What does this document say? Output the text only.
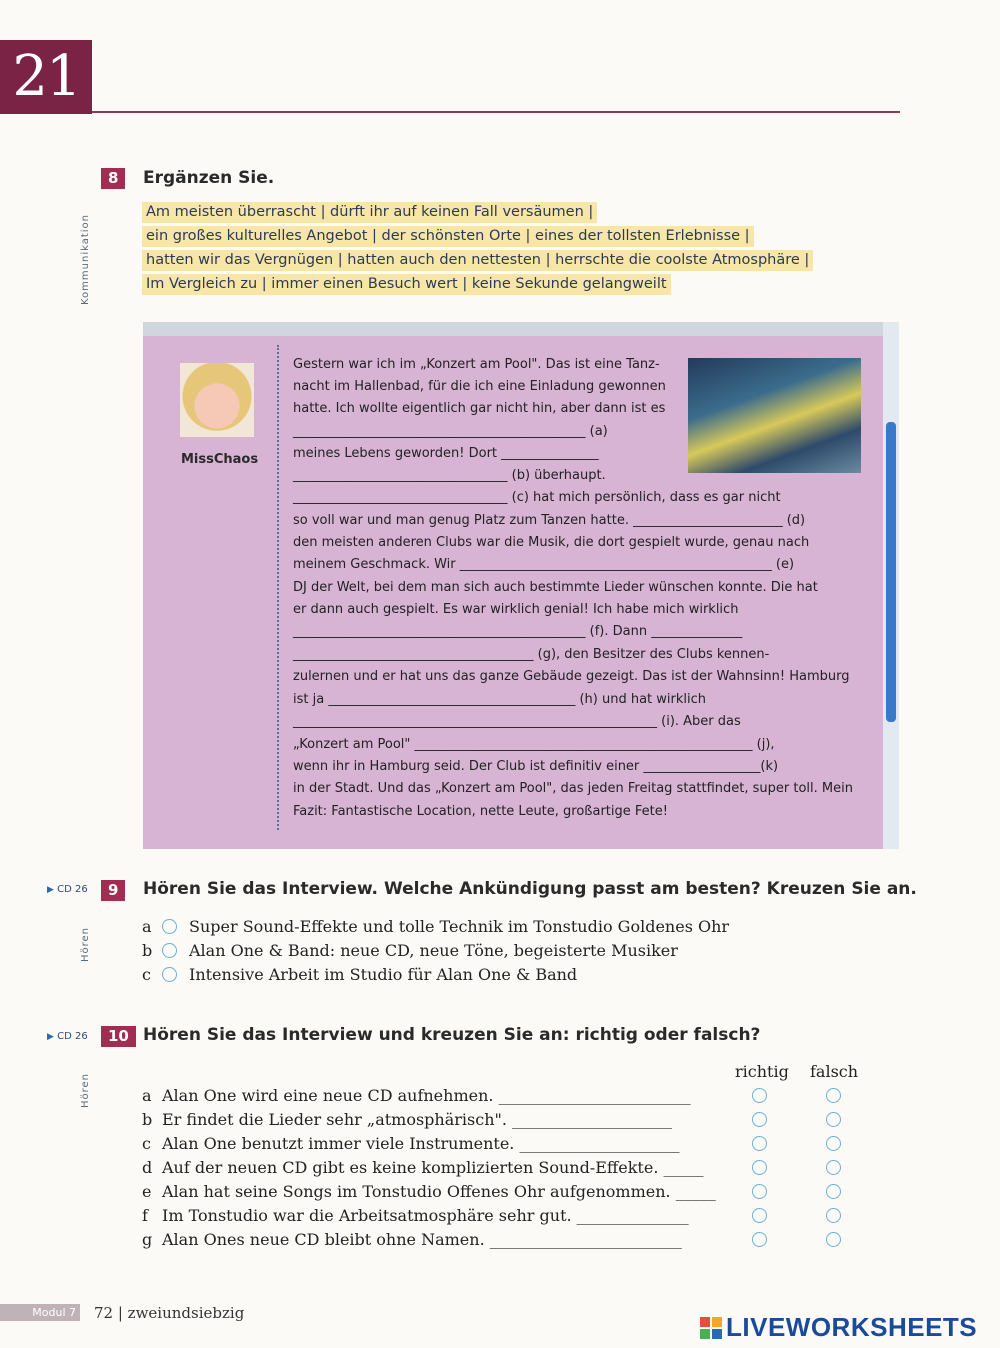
21
Kommunikation
8	Ergänzen Sie.
Am meisten überrascht | dürft ihr auf keinen Fall versäumen |
ein großes kulturelles Angebot | der schönsten Orte | eines der tollsten Erlebnisse |
hatten wir das Vergnügen | hatten auch den nettesten | herrschte die coolste Atmosphäre |
Im Vergleich zu | immer einen Besuch wert | keine Sekunde gelangweilt
MissChaos
Gestern war ich im „Konzert am Pool". Das ist eine Tanz-
nacht im Hallenbad, für die ich eine Einladung gewonnen
hatte. Ich wollte eigentlich gar nicht hin, aber dann ist es
_____________________________________________ (a)
meines Lebens geworden! Dort _______________
_________________________________ (b) überhaupt.
_________________________________ (c) hat mich persönlich, dass es gar nicht
so voll war und man genug Platz zum Tanzen hatte. _______________________ (d)
den meisten anderen Clubs war die Musik, die dort gespielt wurde, genau nach
meinem Geschmack. Wir ________________________________________________ (e)
DJ der Welt, bei dem man sich auch bestimmte Lieder wünschen konnte. Die hat
er dann auch gespielt. Es war wirklich genial! Ich habe mich wirklich
_____________________________________________ (f). Dann ______________
_____________________________________ (g), den Besitzer des Clubs kennen-
zulernen und er hat uns das ganze Gebäude gezeigt. Das ist der Wahnsinn! Hamburg
ist ja ______________________________________ (h) und hat wirklich
________________________________________________________ (i). Aber das
„Konzert am Pool" ____________________________________________________ (j),
wenn ihr in Hamburg seid. Der Club ist definitiv einer __________________(k)
in der Stadt. Und das „Konzert am Pool", das jeden Freitag stattfindet, super toll. Mein
Fazit: Fantastische Location, nette Leute, großartige Fete!
▶ CD 26	9	Hören Sie das Interview. Welche Ankündigung passt am besten? Kreuzen Sie an.
Hören
a Super Sound-Effekte und tolle Technik im Tonstudio Goldenes Ohr
b Alan One & Band: neue CD, neue Töne, begeisterte Musiker
c Intensive Arbeit im Studio für Alan One & Band
▶ CD 26	10 Hören Sie das Interview und kreuzen Sie an: richtig oder falsch?
Hören
richtig falsch
a Alan One wird eine neue CD aufnehmen. ________________________
b Er findet die Lieder sehr „atmosphärisch". ____________________
c Alan One benutzt immer viele Instrumente. ____________________
d Auf der neuen CD gibt es keine komplizierten Sound-Effekte. _____
e Alan hat seine Songs im Tonstudio Offenes Ohr aufgenommen. _____
f Im Tonstudio war die Arbeitsatmosphäre sehr gut. ______________
g Alan Ones neue CD bleibt ohne Namen. ________________________
Modul 7 72 | zweiundsiebzig	LIVEWORKSHEETS
